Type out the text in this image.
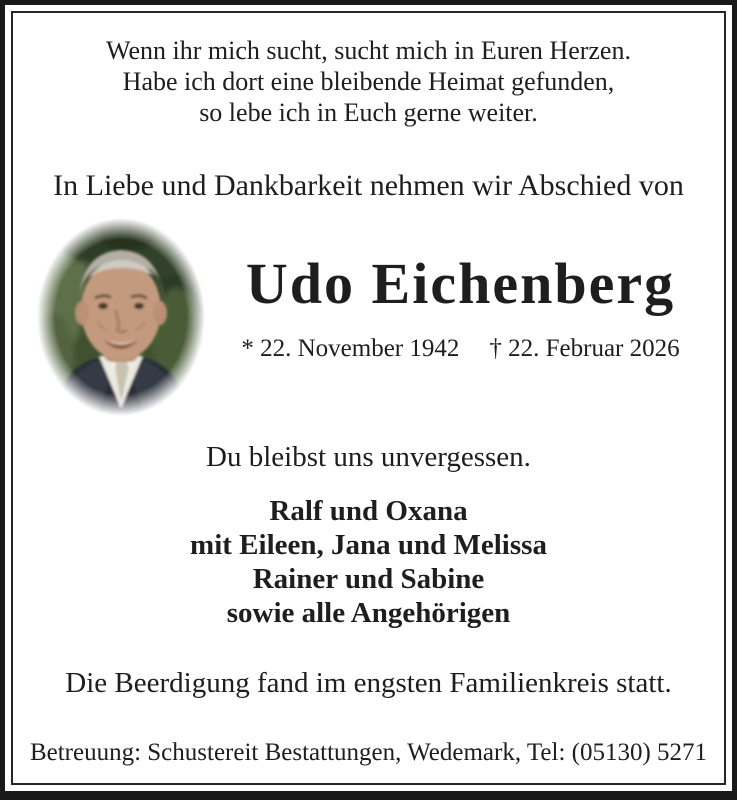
Wenn ihr mich sucht, sucht mich in Euren Herzen.
Habe ich dort eine bleibende Heimat gefunden,
so lebe ich in Euch gerne weiter.
In Liebe und Dankbarkeit nehmen wir Abschied von
Udo Eichenberg
* 22. November 1942 † 22. Februar 2026
Du bleibst uns unvergessen.
Ralf und Oxana
mit Eileen, Jana und Melissa
Rainer und Sabine
sowie alle Angehörigen
Die Beerdigung fand im engsten Familienkreis statt.
Betreuung: Schustereit Bestattungen, Wedemark, Tel: (05130) 5271
